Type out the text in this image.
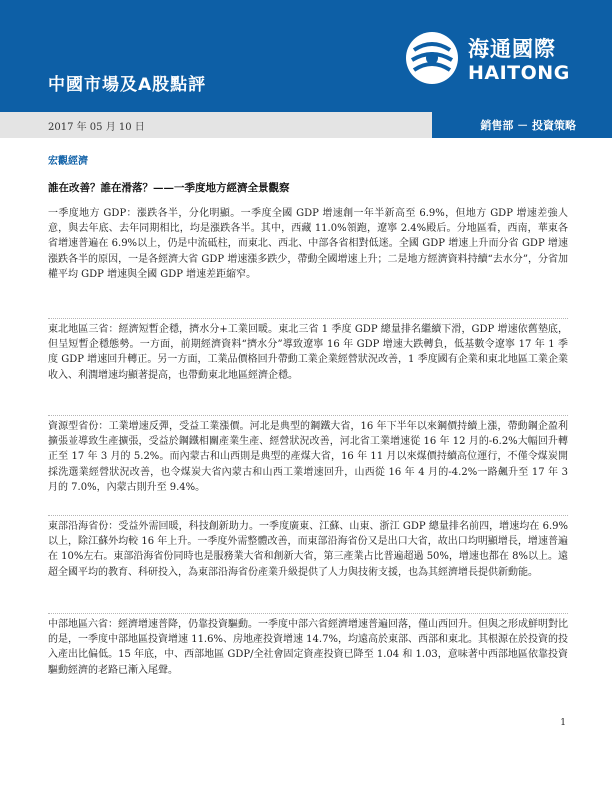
中國市場及A股點評
海通國際
HAITONG
2017 年 05 月 10 日	銷售部 － 投資策略
宏觀經濟
誰在改善？誰在滑落？——一季度地方經濟全景觀察

一季度地方 GDP：漲跌各半，分化明顯。一季度全國 GDP 增速創一年半新高至 6.9%，但地方 GDP 增速差強人意，與去年底、去年同期相比，均是漲跌各半。其中，西藏 11.0%領跑，遼寧 2.4%殿后。分地區看，西南，華東各省增速普遍在 6.9%以上，仍是中流砥柱，而東北、西北、中部各省相對低迷。全國 GDP 增速上升而分省 GDP 增速漲跌各半的原因，一是各經濟大省 GDP 增速漲多跌少，帶動全國增速上升；二是地方經濟資料持續“去水分”，分省加權平均 GDP 增速與全國 GDP 增速差距縮窄。

東北地區三省：經濟短暫企穩，擠水分+工業回暖。東北三省 1 季度 GDP 總量排名繼續下滑，GDP 增速依舊墊底，但呈短暫企穩態勢。一方面，前期經濟資料“擠水分”導致遼寧 16 年 GDP 增速大跌轉負，低基數令遼寧 17 年 1 季度 GDP 增速回升轉正。另一方面，工業品價格回升帶動工業企業經營狀況改善，1 季度國有企業和東北地區工業企業收入、利潤增速均顯著提高，也帶動東北地區經濟企穩。

資源型省份：工業增速反彈，受益工業漲價。河北是典型的鋼鐵大省，16 年下半年以來鋼價持續上漲，帶動鋼企盈利擴張並導致生產擴張，受益於鋼鐵相關產業生產、經營狀況改善，河北省工業增速從 16 年 12 月的-6.2%大幅回升轉正至 17 年 3 月的 5.2%。而內蒙古和山西則是典型的產煤大省，16 年 11 月以來煤價持續高位運行，不僅令煤炭開採洗選業經營狀況改善，也令煤炭大省內蒙古和山西工業增速回升，山西從 16 年 4 月的-4.2%一路飆升至 17 年 3 月的 7.0%，內蒙古則升至 9.4%。

東部沿海省份：受益外需回暖，科技創新助力。一季度廣東、江蘇、山東、浙江 GDP 總量排名前四，增速均在 6.9%以上，除江蘇外均較 16 年上升。一季度外需整體改善，而東部沿海省份又是出口大省，故出口均明顯增長，增速普遍在 10%左右。東部沿海省份同時也是服務業大省和創新大省，第三產業占比普遍超過 50%，增速也都在 8%以上。遠超全國平均的教育、科研投入，為東部沿海省份產業升級提供了人力與技術支援，也為其經濟增長提供新動能。

中部地區六省：經濟增速普降，仍靠投資驅動。一季度中部六省經濟增速普遍回落，僅山西回升。但與之形成鮮明對比的是，一季度中部地區投資增速 11.6%、房地產投資增速 14.7%，均遠高於東部、西部和東北。其根源在於投資的投入產出比偏低。15 年底，中、西部地區 GDP/全社會固定資產投資已降至 1.04 和 1.03，意味著中西部地區依靠投資驅動經濟的老路已漸入尾聲。

1
